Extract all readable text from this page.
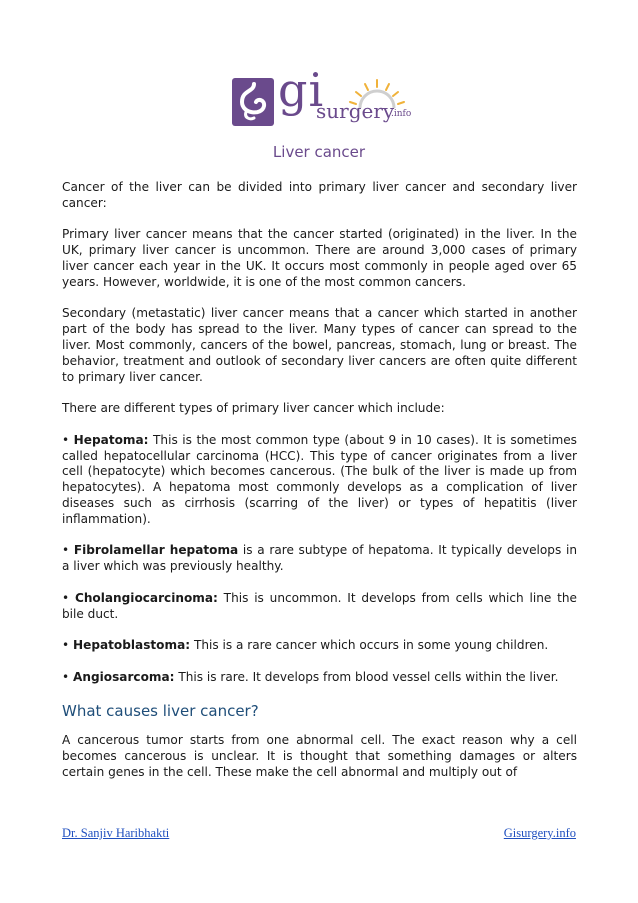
gi
surgery
.info
Liver cancer

Cancer of the liver can be divided into primary liver cancer and secondary liver cancer:

Primary liver cancer means that the cancer started (originated) in the liver. In the UK, primary liver cancer is uncommon. There are around 3,000 cases of primary liver cancer each year in the UK. It occurs most commonly in people aged over 65 years. However, worldwide, it is one of the most common cancers.

Secondary (metastatic) liver cancer means that a cancer which started in another part of the body has spread to the liver. Many types of cancer can spread to the liver. Most commonly, cancers of the bowel, pancreas, stomach, lung or breast. The behavior, treatment and outlook of secondary liver cancers are often quite different to primary liver cancer.

There are different types of primary liver cancer which include:

• Hepatoma: This is the most common type (about 9 in 10 cases). It is sometimes called hepatocellular carcinoma (HCC). This type of cancer originates from a liver cell (hepatocyte) which becomes cancerous. (The bulk of the liver is made up from hepatocytes). A hepatoma most commonly develops as a complication of liver diseases such as cirrhosis (scarring of the liver) or types of hepatitis (liver inflammation).

• Fibrolamellar hepatoma is a rare subtype of hepatoma. It typically develops in a liver which was previously healthy.

• Cholangiocarcinoma: This is uncommon. It develops from cells which line the bile duct.

• Hepatoblastoma: This is a rare cancer which occurs in some young children.

• Angiosarcoma: This is rare. It develops from blood vessel cells within the liver.

What causes liver cancer?

A cancerous tumor starts from one abnormal cell. The exact reason why a cell becomes cancerous is unclear. It is thought that something damages or alters certain genes in the cell. These make the cell abnormal and multiply out of

Dr. Sanjiv Haribhakti	Gisurgery.info
